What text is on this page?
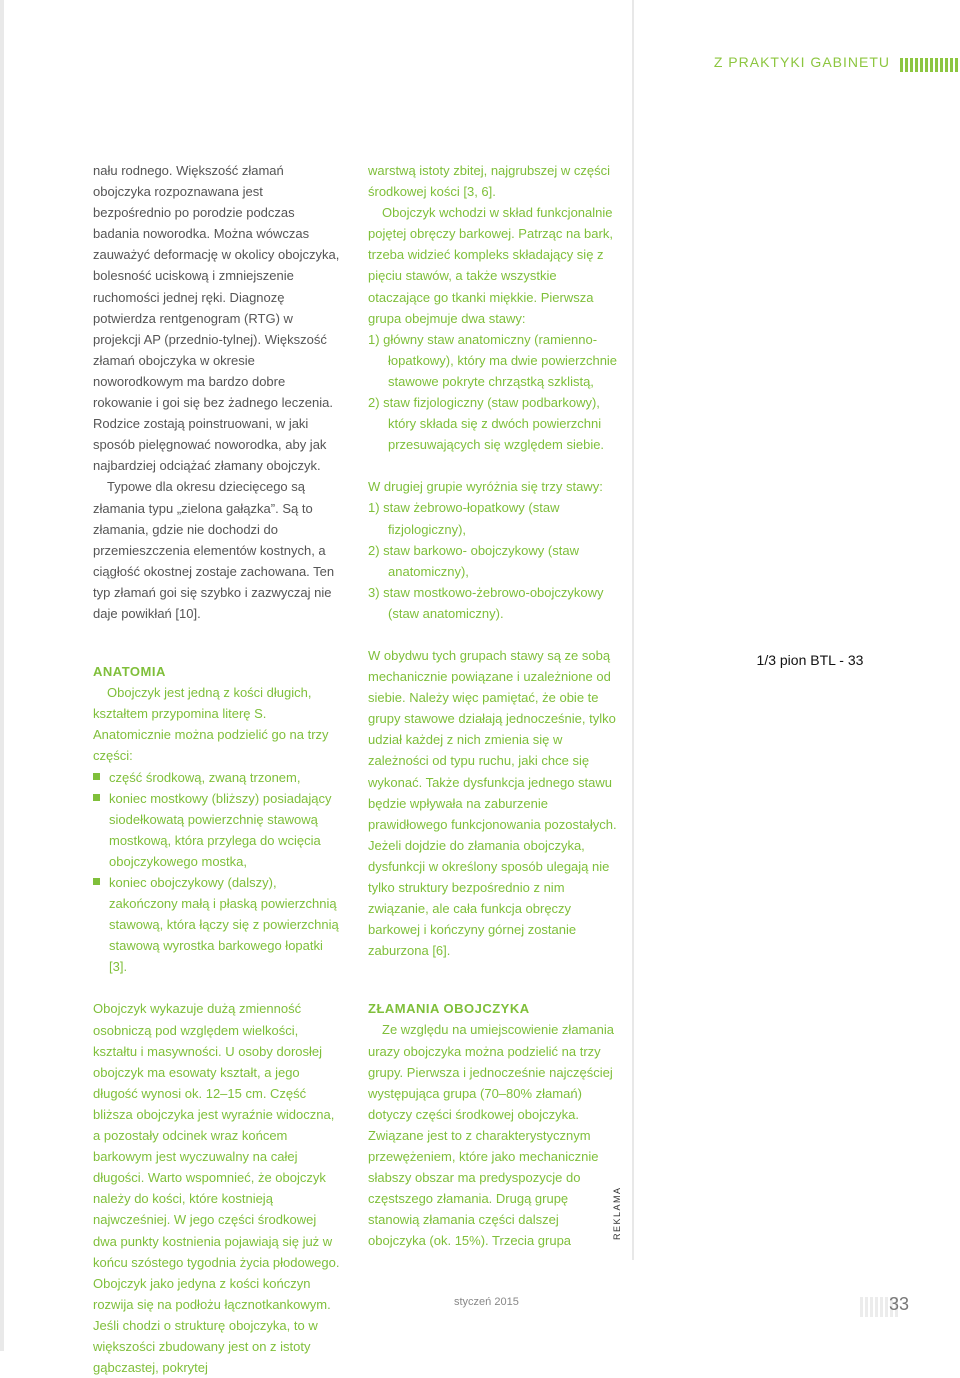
Z PRAKTYKI GABINETU

nału rodnego. Większość złamań obojczyka rozpoznawana jest bezpośrednio po porodzie podczas badania noworodka. Można wówczas zauważyć deformację w okolicy obojczyka, bolesność uciskową i zmniejszenie ruchomości jednej ręki. Diagnozę potwierdza rentgenogram (RTG) w projekcji AP (przednio-tylnej). Większość złamań obojczyka w okresie noworodkowym ma bardzo dobre rokowanie i goi się bez żadnego leczenia. Rodzice zostają poinstruowani, w jaki sposób pielęgnować noworodka, aby jak najbardziej odciążać złamany obojczyk.

Typowe dla okresu dziecięcego są złamania typu „zielona gałązka”. Są to złamania, gdzie nie dochodzi do przemieszczenia elementów kostnych, a ciągłość okostnej zostaje zachowana. Ten typ złamań goi się szybko i zazwyczaj nie daje powikłań [10].

ANATOMIA

Obojczyk jest jedną z kości długich, kształtem przypomina literę S. Anatomicznie można podzielić go na trzy części:

część środkową, zwaną trzonem,
koniec mostkowy (bliższy) posiadający siodełkowatą powierzchnię stawową mostkową, która przylega do wcięcia obojczykowego mostka,
koniec obojczykowy (dalszy), zakończony małą i płaską powierzchnią stawową, która łączy się z powierzchnią stawową wyrostka barkowego łopatki [3].

Obojczyk wykazuje dużą zmienność osobniczą pod względem wielkości, kształtu i masywności. U osoby dorosłej obojczyk ma esowaty kształt, a jego długość wynosi ok. 12–15 cm. Część bliższa obojczyka jest wyraźnie widoczna, a pozostały odcinek wraz końcem barkowym jest wyczuwalny na całej długości. Warto wspomnieć, że obojczyk należy do kości, które kostnieją najwcześniej. W jego części środkowej dwa punkty kostnienia pojawiają się już w końcu szóstego tygodnia życia płodowego. Obojczyk jako jedyna z kości kończyn rozwija się na podłożu łącznotkankowym. Jeśli chodzi o strukturę obojczyka, to w większości zbudowany jest on z istoty gąbczastej, pokrytej

warstwą istoty zbitej, najgrubszej w części środkowej kości [3, 6].

Obojczyk wchodzi w skład funkcjonalnie pojętej obręczy barkowej. Patrząc na bark, trzeba widzieć kompleks składający się z pięciu stawów, a także wszystkie otaczające go tkanki miękkie. Pierwsza grupa obejmuje dwa stawy:

1) główny staw anatomiczny (ramienno-łopatkowy), który ma dwie powierzchnie stawowe pokryte chrząstką szklistą,

2) staw fizjologiczny (staw podbarkowy), który składa się z dwóch powierzchni przesuwających się względem siebie.

W drugiej grupie wyróżnia się trzy stawy:

1) staw żebrowo-łopatkowy (staw fizjologiczny),

2) staw barkowo- obojczykowy (staw anatomiczny),

3) staw mostkowo-żebrowo-obojczykowy (staw anatomiczny).

W obydwu tych grupach stawy są ze sobą mechanicznie powiązane i uzależnione od siebie. Należy więc pamiętać, że obie te grupy stawowe działają jednocześnie, tylko udział każdej z nich zmienia się w zależności od typu ruchu, jaki chce się wykonać. Także dysfunkcja jednego stawu będzie wpływała na zaburzenie prawidłowego funkcjonowania pozostałych. Jeżeli dojdzie do złamania obojczyka, dysfunkcji w określony sposób ulegają nie tylko struktury bezpośrednio z nim związanie, ale cała funkcja obręczy barkowej i kończyny górnej zostanie zaburzona [6].

ZŁAMANIA OBOJCZYKA

Ze względu na umiejscowienie złamania urazy obojczyka można podzielić na trzy grupy. Pierwsza i jednocześnie najczęściej występująca grupa (70–80% złamań) dotyczy części środkowej obojczyka. Związane jest to z charakterystycznym przewężeniem, które jako mechanicznie słabszy obszar ma predyspozycje do częstszego złamania. Drugą grupę stanowią złamania części dalszej obojczyka (ok. 15%). Trzecia grupa

1/3 pion BTL - 33
REKLAMA
styczeń 2015	33
